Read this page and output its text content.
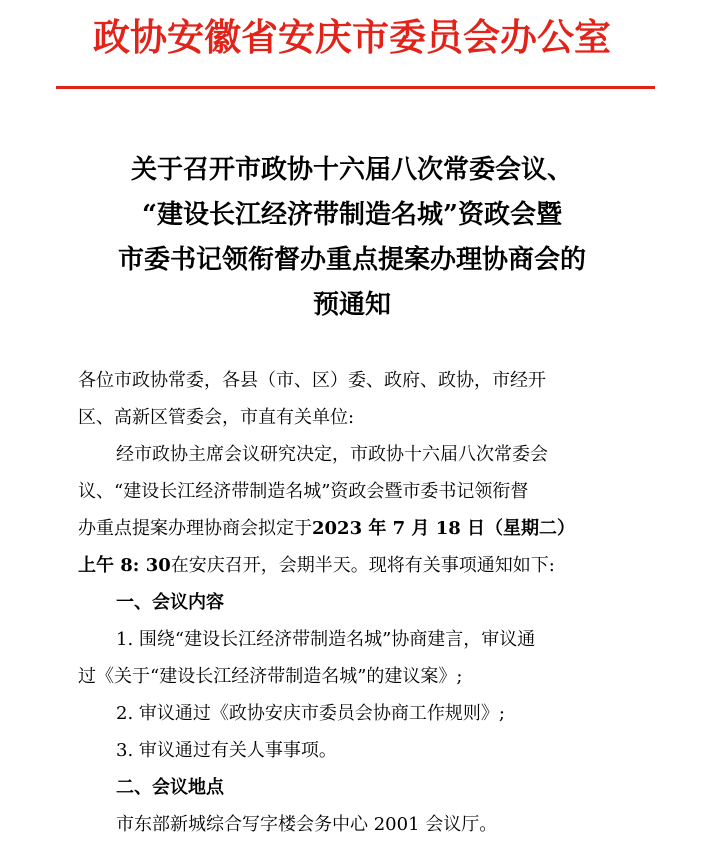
政协安徽省安庆市委员会办公室
关于召开市政协十六届八次常委会议、
“建设长江经济带制造名城”资政会暨
市委书记领衔督办重点提案办理协商会的
预通知

各位市政协常委，各县（市、区）委、政府、政协，市经开

区、高新区管委会，市直有关单位:

经市政协主席会议研究决定，市政协十六届八次常委会

议、“建设长江经济带制造名城”资政会暨市委书记领衔督

办重点提案办理协商会拟定于2023 年 7 月 18 日（星期二）

上午 8: 30在安庆召开，会期半天。现将有关事项通知如下:

一、会议内容

1. 围绕“建设长江经济带制造名城”协商建言，审议通

过《关于“建设长江经济带制造名城”的建议案》;

2. 审议通过《政协安庆市委员会协商工作规则》;

3. 审议通过有关人事事项。

二、会议地点

市东部新城综合写字楼会务中心 2001 会议厅。
